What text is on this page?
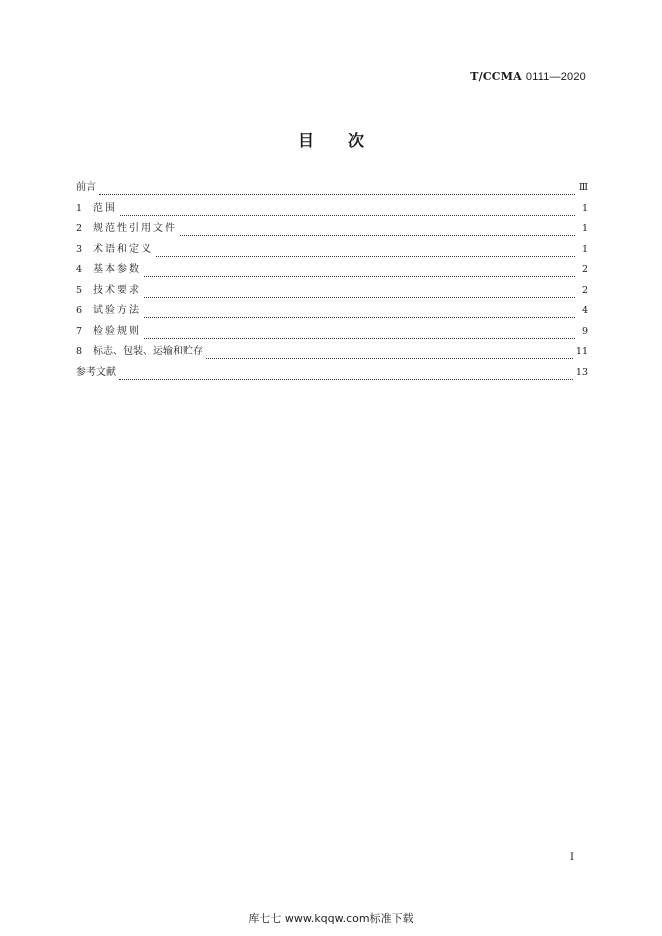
T/CCMA 0111—2020
目次
前言	Ⅲ
1	范围	1
2	规范性引用文件	1
3	术语和定义	1
4	基本参数	2
5	技术要求	2
6	试验方法	4
7	检验规则	9
8	标志、包装、运输和贮存	11
参考文献	13
Ⅰ
库七七 www.kqqw.com标准下载
